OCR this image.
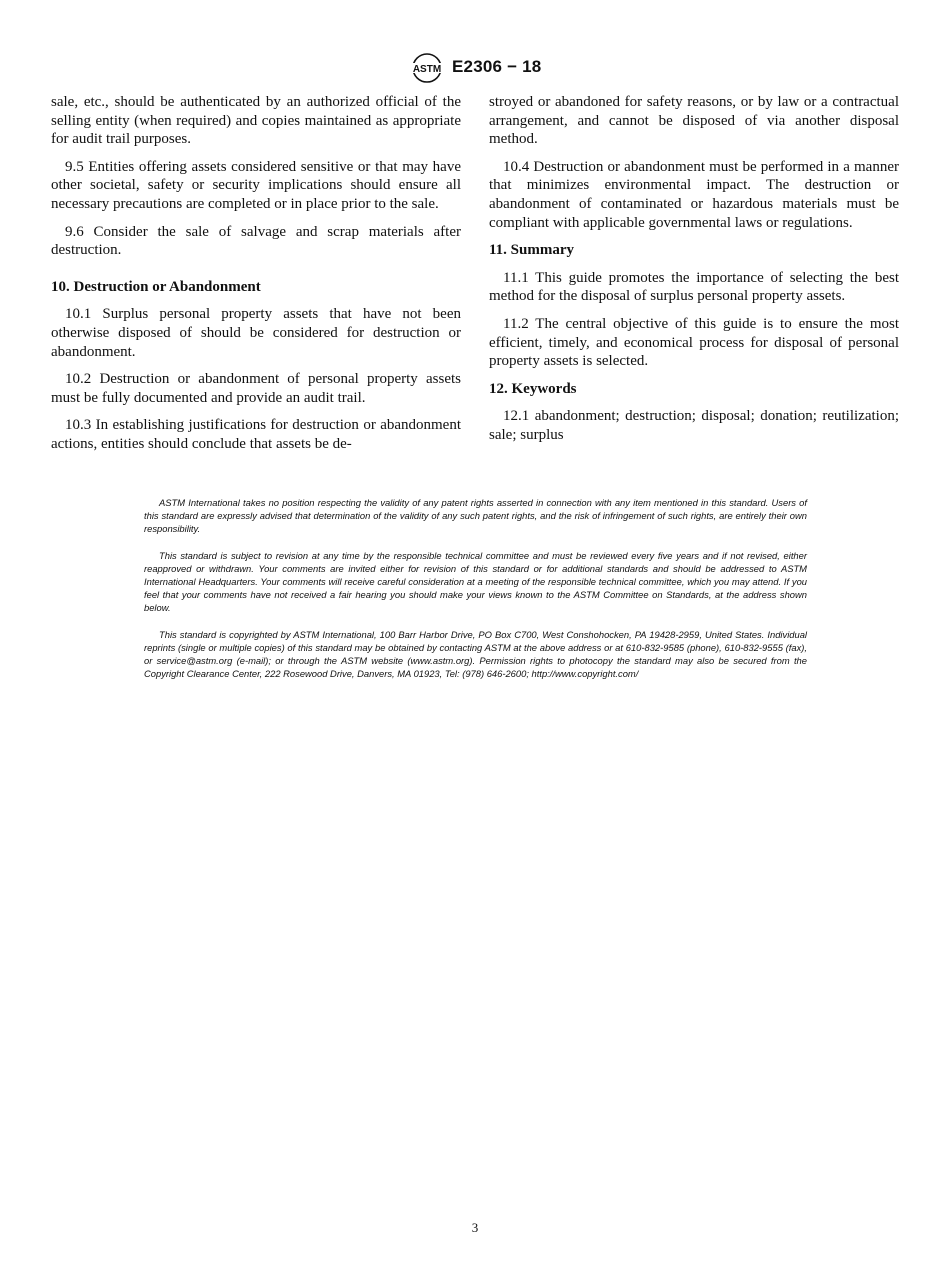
ASTM E2306 − 18

sale, etc., should be authenticated by an authorized official of the selling entity (when required) and copies maintained as appropriate for audit trail purposes.

9.5 Entities offering assets considered sensitive or that may have other societal, safety or security implications should ensure all necessary precautions are completed or in place prior to the sale.

9.6 Consider the sale of salvage and scrap materials after destruction.

10. Destruction or Abandonment

10.1 Surplus personal property assets that have not been otherwise disposed of should be considered for destruction or abandonment.

10.2 Destruction or abandonment of personal property assets must be fully documented and provide an audit trail.

10.3 In establishing justifications for destruction or abandonment actions, entities should conclude that assets be de-

stroyed or abandoned for safety reasons, or by law or a contractual arrangement, and cannot be disposed of via another disposal method.

10.4 Destruction or abandonment must be performed in a manner that minimizes environmental impact. The destruction or abandonment of contaminated or hazardous materials must be compliant with applicable governmental laws or regulations.

11. Summary

11.1 This guide promotes the importance of selecting the best method for the disposal of surplus personal property assets.

11.2 The central objective of this guide is to ensure the most efficient, timely, and economical process for disposal of personal property assets is selected.

12. Keywords

12.1 abandonment; destruction; disposal; donation; reutilization; sale; surplus

ASTM International takes no position respecting the validity of any patent rights asserted in connection with any item mentioned in this standard. Users of this standard are expressly advised that determination of the validity of any such patent rights, and the risk of infringement of such rights, are entirely their own responsibility.

This standard is subject to revision at any time by the responsible technical committee and must be reviewed every five years and if not revised, either reapproved or withdrawn. Your comments are invited either for revision of this standard or for additional standards and should be addressed to ASTM International Headquarters. Your comments will receive careful consideration at a meeting of the responsible technical committee, which you may attend. If you feel that your comments have not received a fair hearing you should make your views known to the ASTM Committee on Standards, at the address shown below.

This standard is copyrighted by ASTM International, 100 Barr Harbor Drive, PO Box C700, West Conshohocken, PA 19428-2959, United States. Individual reprints (single or multiple copies) of this standard may be obtained by contacting ASTM at the above address or at 610-832-9585 (phone), 610-832-9555 (fax), or service@astm.org (e-mail); or through the ASTM website (www.astm.org). Permission rights to photocopy the standard may also be secured from the Copyright Clearance Center, 222 Rosewood Drive, Danvers, MA 01923, Tel: (978) 646-2600; http://www.copyright.com/

3
